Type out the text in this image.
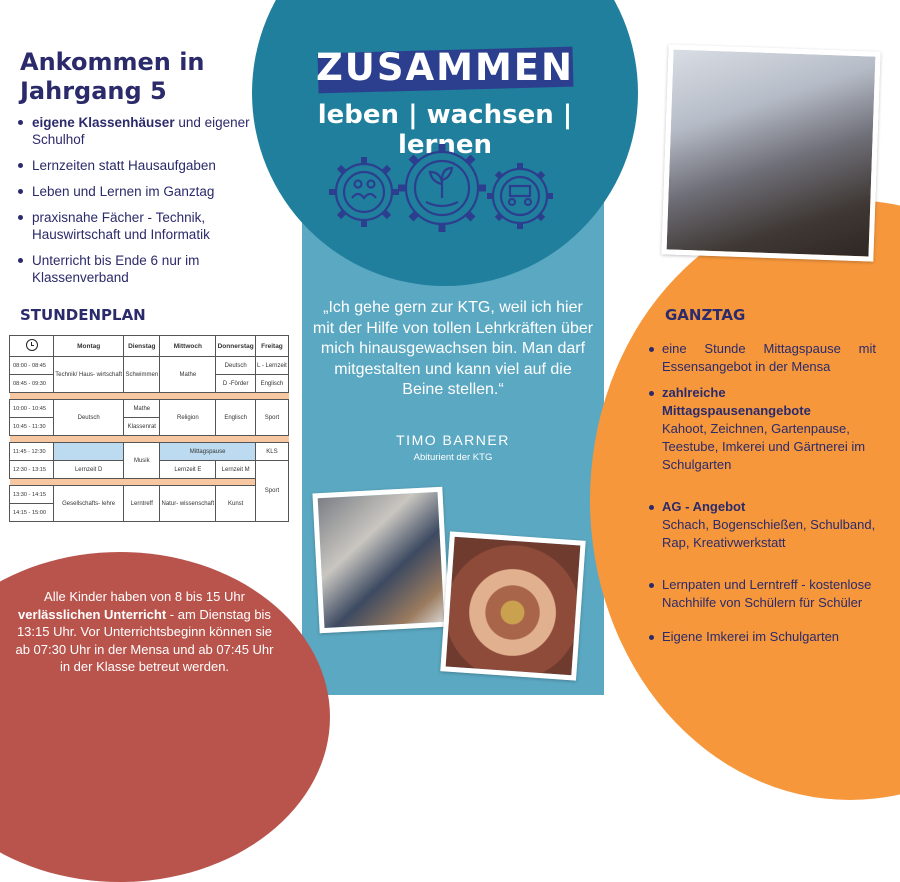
ZUSAMMEN
leben | wachsen | lernen
Ankommen in Jahrgang 5
eigene Klassenhäuser und eigener Schulhof
Lernzeiten statt Hausaufgaben
Leben und Lernen im Ganztag
praxisnahe Fächer - Technik, Hauswirtschaft und Informatik
Unterricht bis Ende 6 nur im Klassenverband
STUNDENPLAN
	Montag	Dienstag	Mittwoch	Donnerstag	Freitag
08:00 - 08:45	Technik/ Haus- wirtschaft	Schwimmen	Mathe	Deutsch	L - Lernzeit
08:45 - 09:30				D -Förder	Englisch

10:00 - 10:45	Deutsch	Mathe	Religion	Englisch	Sport
10:45 - 11:30		Klassenrat			

11:45 - 12:30		Musik	Mittagspause		KLS
12:30 - 13:15	Lernzeit D		Lernzeit E	Lernzeit M	Sport

13:30 - 14:15	Gesellschafts- lehre	Lerntreff	Natur- wissenschaft	Kunst	
14:15 - 15:00					
Alle Kinder haben von 8 bis 15 Uhr verlässlichen Unterricht - am Dienstag bis 13:15 Uhr. Vor Unterrichtsbeginn können sie ab 07:30 Uhr in der Mensa und ab 07:45 Uhr in der Klasse betreut werden.
„Ich gehe gern zur KTG, weil ich hier mit der Hilfe von tollen Lehrkräften über mich hinausgewachsen bin. Man darf mitgestalten und kann viel auf die Beine stellen.“
TIMO BARNER
Abiturient der KTG
GANZTAG
eine Stunde Mittagspause mit Essensangebot in der Mensa
zahlreiche Mittagspausenangebote
Kahoot, Zeichnen, Gartenpause, Teestube, Imkerei und Gärtnerei im Schulgarten
AG - Angebot
Schach, Bogenschießen, Schulband, Rap, Kreativwerkstatt
Lernpaten und Lerntreff - kostenlose Nachhilfe von Schülern für Schüler
Eigene Imkerei im Schulgarten
